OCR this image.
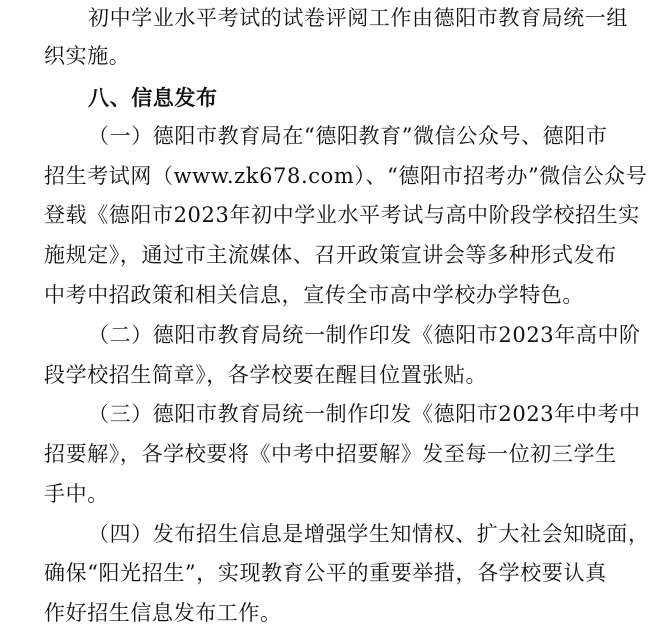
初中学业水平考试的试卷评阅工作由德阳市教育局统一组
织实施。
八、信息发布
（一）德阳市教育局在“德阳教育”微信公众号、德阳市
招生考试网（www.zk678.com）、“德阳市招考办”微信公众号
登载《德阳市2023年初中学业水平考试与高中阶段学校招生实
施规定》，通过市主流媒体、召开政策宣讲会等多种形式发布
中考中招政策和相关信息，宣传全市高中学校办学特色。
（二）德阳市教育局统一制作印发《德阳市2023年高中阶
段学校招生简章》，各学校要在醒目位置张贴。
（三）德阳市教育局统一制作印发《德阳市2023年中考中
招要解》，各学校要将《中考中招要解》发至每一位初三学生
手中。
（四）发布招生信息是增强学生知情权、扩大社会知晓面，
确保“阳光招生”，实现教育公平的重要举措，各学校要认真
作好招生信息发布工作。
